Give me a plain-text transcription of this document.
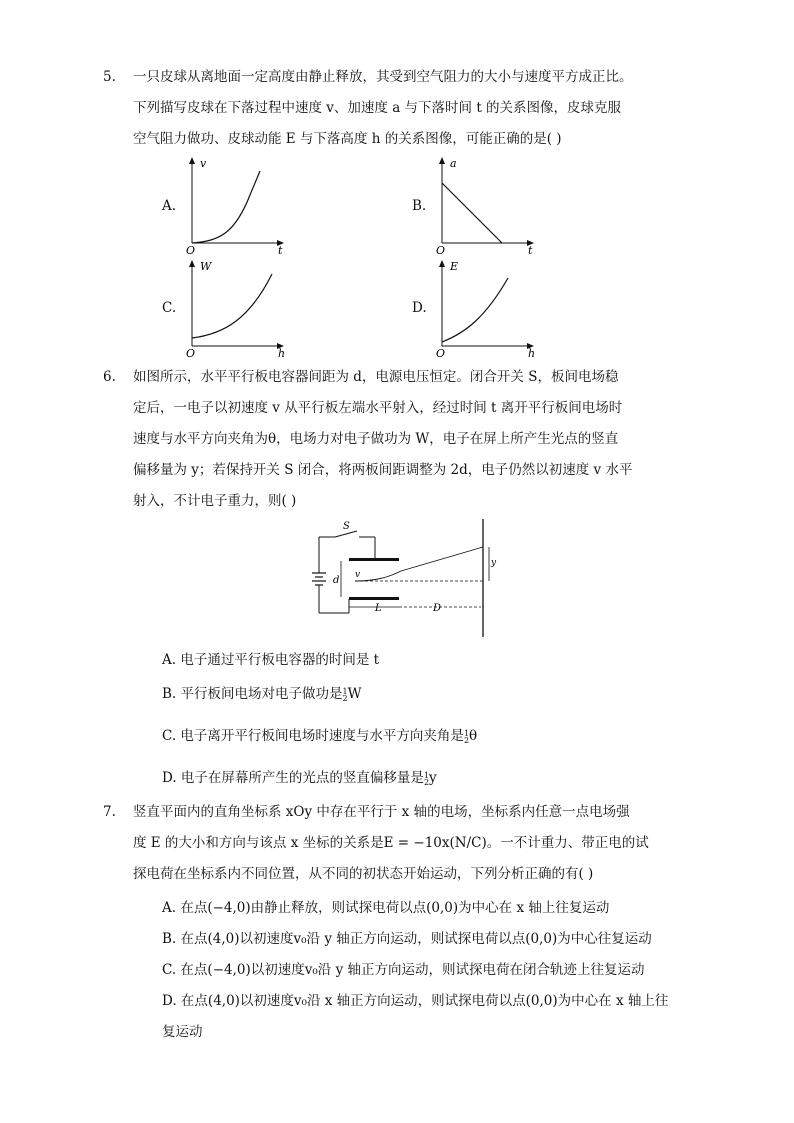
5. 一只皮球从离地面一定高度由静止释放，其受到空气阻力的大小与速度平方成正比。
下列描写皮球在下落过程中速度 v、加速度 a 与下落时间 t 的关系图像，皮球克服
空气阻力做功、皮球动能 E 与下落高度 h 的关系图像，可能正确的是( )
A.
v
t
O
B.
a
t
O
C.
W
h
O
D.
E
h
O
6. 如图所示，水平平行板电容器间距为 d，电源电压恒定。闭合开关 S，板间电场稳
定后，一电子以初速度 v 从平行板左端水平射入，经过时间 t 离开平行板间电场时
速度与水平方向夹角为θ，电场力对电子做功为 W，电子在屏上所产生光点的竖直
偏移量为 y；若保持开关 S 闭合，将两板间距调整为 2d，电子仍然以初速度 v 水平
射入，不计电子重力，则( )
S
d v
L	D
y
A. 电子通过平行板电容器的时间是 t
B. 平行板间电场对电子做功是 1
2 W
C. 电子离开平行板间电场时速度与水平方向夹角是 1
2 θ
D. 电子在屏幕所产生的光点的竖直偏移量是 1
2 y
7. 竖直平面内的直角坐标系 xOy 中存在平行于 x 轴的电场，坐标系内任意一点电场强
度 E 的大小和方向与该点 x 坐标的关系是E = −10x(N/C)。一不计重力、带正电的试
探电荷在坐标系内不同位置，从不同的初状态开始运动，下列分析正确的有( )
A. 在点(−4,0)由静止释放，则试探电荷以点(0,0)为中心在 x 轴上往复运动
B. 在点(4,0)以初速度v₀沿 y 轴正方向运动，则试探电荷以点(0,0)为中心往复运动
C. 在点(−4,0)以初速度v₀沿 y 轴正方向运动，则试探电荷在闭合轨迹上往复运动
D. 在点(4,0)以初速度v₀沿 x 轴正方向运动，则试探电荷以点(0,0)为中心在 x 轴上往
复运动
